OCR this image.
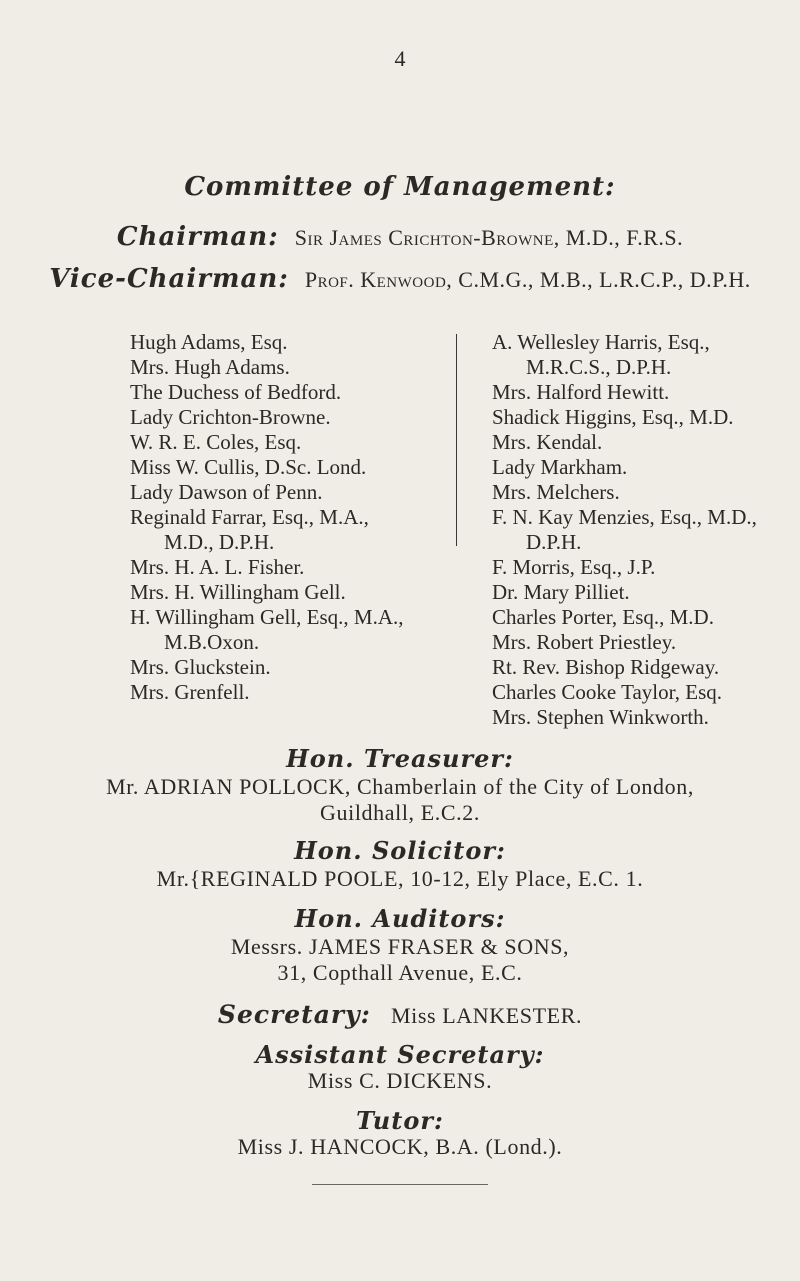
4
Committee of Management:
Chairman: Sir James Crichton-Browne, M.D., F.R.S.
Vice-Chairman: Prof. Kenwood, C.M.G., M.B., L.R.C.P., D.P.H.
Hugh Adams, Esq.
Mrs. Hugh Adams.
The Duchess of Bedford.
Lady Crichton-Browne.
W. R. E. Coles, Esq.
Miss W. Cullis, D.Sc. Lond.
Lady Dawson of Penn.
Reginald Farrar, Esq., M.A.,
M.D., D.P.H.
Mrs. H. A. L. Fisher.
Mrs. H. Willingham Gell.
H. Willingham Gell, Esq., M.A.,
M.B.Oxon.
Mrs. Gluckstein.
Mrs. Grenfell.
A. Wellesley Harris, Esq.,
M.R.C.S., D.P.H.
Mrs. Halford Hewitt.
Shadick Higgins, Esq., M.D.
Mrs. Kendal.
Lady Markham.
Mrs. Melchers.
F. N. Kay Menzies, Esq., M.D.,
D.P.H.
F. Morris, Esq., J.P.
Dr. Mary Pilliet.
Charles Porter, Esq., M.D.
Mrs. Robert Priestley.
Rt. Rev. Bishop Ridgeway.
Charles Cooke Taylor, Esq.
Mrs. Stephen Winkworth.
Hon. Treasurer:
Mr. ADRIAN POLLOCK, Chamberlain of the City of London,
Guildhall, E.C.2.
Hon. Solicitor:
Mr.{REGINALD POOLE, 10-12, Ely Place, E.C. 1.
Hon. Auditors:
Messrs. JAMES FRASER & SONS,
31, Copthall Avenue, E.C.
Secretary: Miss LANKESTER.
Assistant Secretary:
Miss C. DICKENS.
Tutor:
Miss J. HANCOCK, B.A. (Lond.).
